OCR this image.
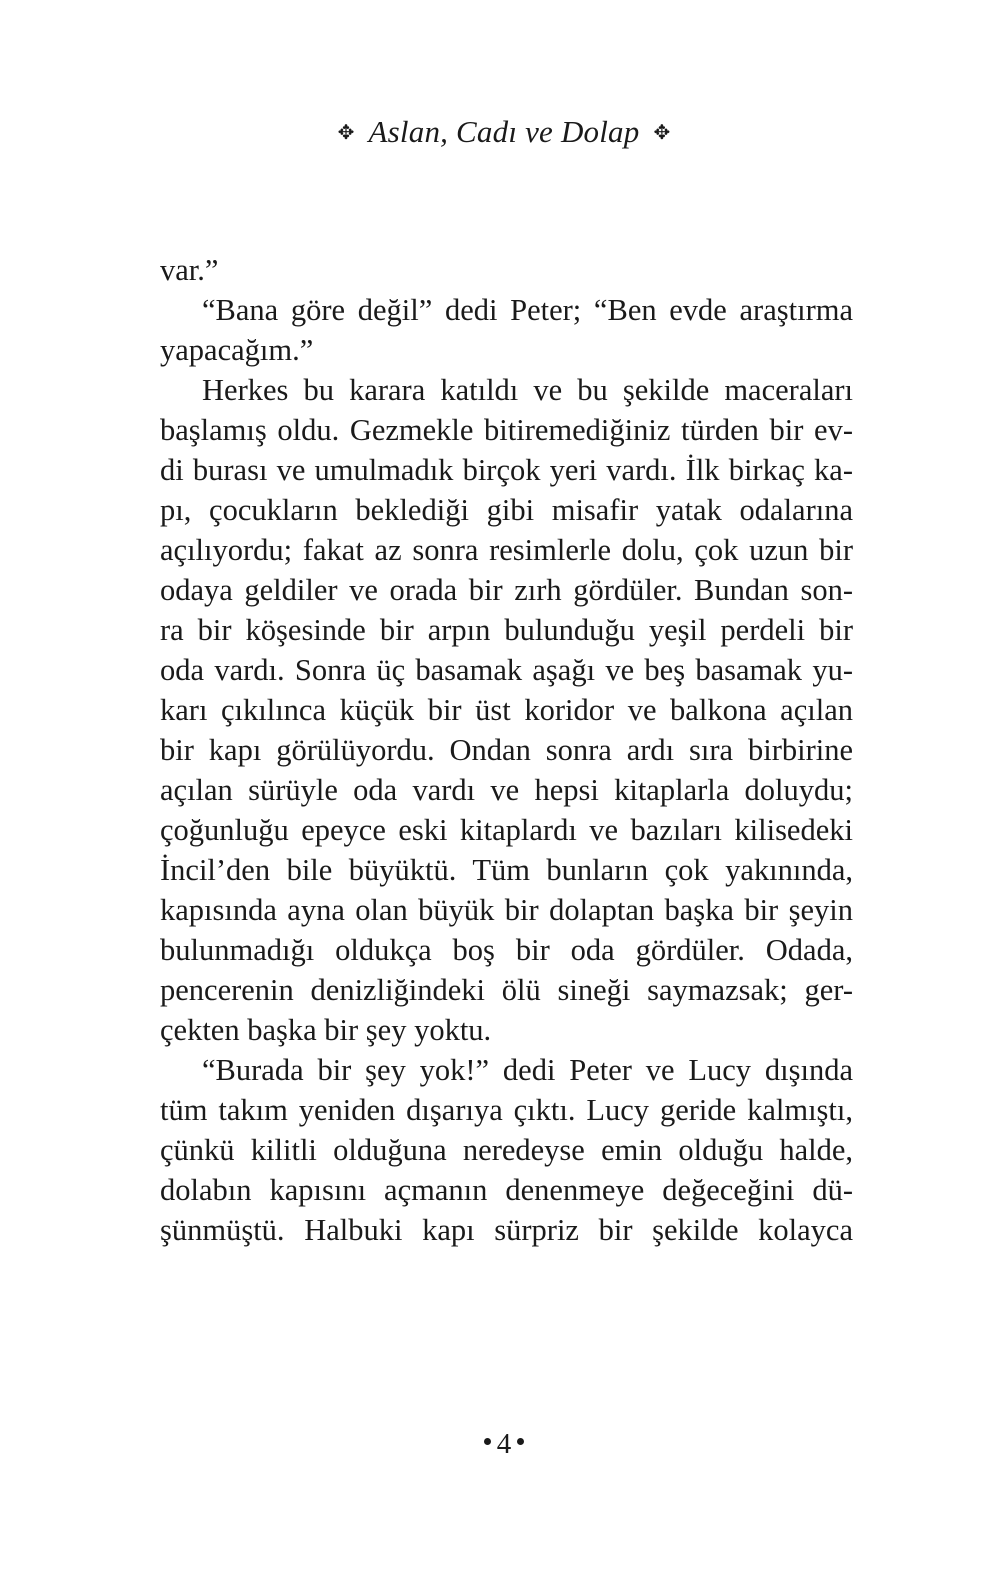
✥ Aslan, Cadı ve Dolap ✥
var.”
“Bana göre değil” dedi Peter; “Ben evde araştırma
yapacağım.”
Herkes bu karara katıldı ve bu şekilde maceraları
başlamış oldu. Gezmekle bitiremediğiniz türden bir ev-
di burası ve umulmadık birçok yeri vardı. İlk birkaç ka-
pı, çocukların beklediği gibi misafir yatak odalarına
açılıyordu; fakat az sonra resimlerle dolu, çok uzun bir
odaya geldiler ve orada bir zırh gördüler. Bundan son-
ra bir köşesinde bir arpın bulunduğu yeşil perdeli bir
oda vardı. Sonra üç basamak aşağı ve beş basamak yu-
karı çıkılınca küçük bir üst koridor ve balkona açılan
bir kapı görülüyordu. Ondan sonra ardı sıra birbirine
açılan sürüyle oda vardı ve hepsi kitaplarla doluydu;
çoğunluğu epeyce eski kitaplardı ve bazıları kilisedeki
İncil’den bile büyüktü. Tüm bunların çok yakınında,
kapısında ayna olan büyük bir dolaptan başka bir şeyin
bulunmadığı oldukça boş bir oda gördüler. Odada,
pencerenin denizliğindeki ölü sineği saymazsak; ger-
çekten başka bir şey yoktu.
“Burada bir şey yok!” dedi Peter ve Lucy dışında
tüm takım yeniden dışarıya çıktı. Lucy geride kalmıştı,
çünkü kilitli olduğuna neredeyse emin olduğu halde,
dolabın kapısını açmanın denenmeye değeceğini dü-
şünmüştü. Halbuki kapı sürpriz bir şekilde kolayca
4
